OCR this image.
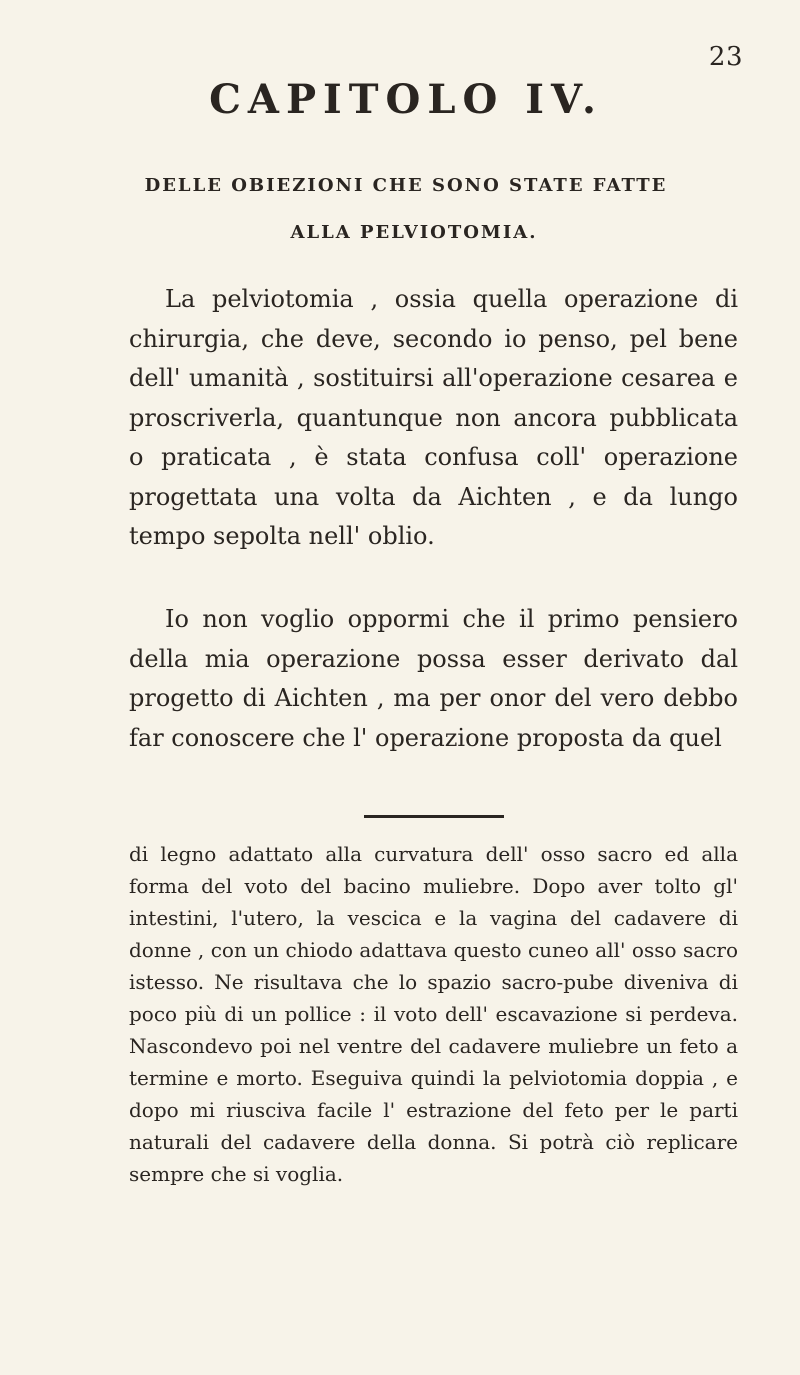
23
CAPITOLO IV.
DELLE OBIEZIONI CHE SONO STATE FATTE
ALLA PELVIOTOMIA.

La pelviotomia , ossia quella operazione di chirurgia, che deve, secondo io penso, pel bene dell' umanità , sostituirsi all'operazione cesarea e proscriverla, quantunque non ancora pubblicata o praticata , è stata confusa coll' operazione progettata una volta da Aichten , e da lungo tempo sepolta nell' oblio.

Io non voglio oppormi che il primo pensiero della mia operazione possa esser derivato dal progetto di Aichten , ma per onor del vero debbo far conoscere che l' operazione proposta da quel

di legno adattato alla curvatura dell' osso sacro ed alla forma del voto del bacino muliebre. Dopo aver tolto gl' intestini, l'utero, la vescica e la vagina del cadavere di donne , con un chiodo adattava questo cuneo all' osso sacro istesso. Ne risultava che lo spazio sacro-pube diveniva di poco più di un pollice : il voto dell' escavazione si perdeva. Nascondevo poi nel ventre del cadavere muliebre un feto a termine e morto. Eseguiva quindi la pelviotomia doppia , e dopo mi riusciva facile l' estrazione del feto per le parti naturali del cadavere della donna. Si potrà ciò replicare sempre che si voglia.
